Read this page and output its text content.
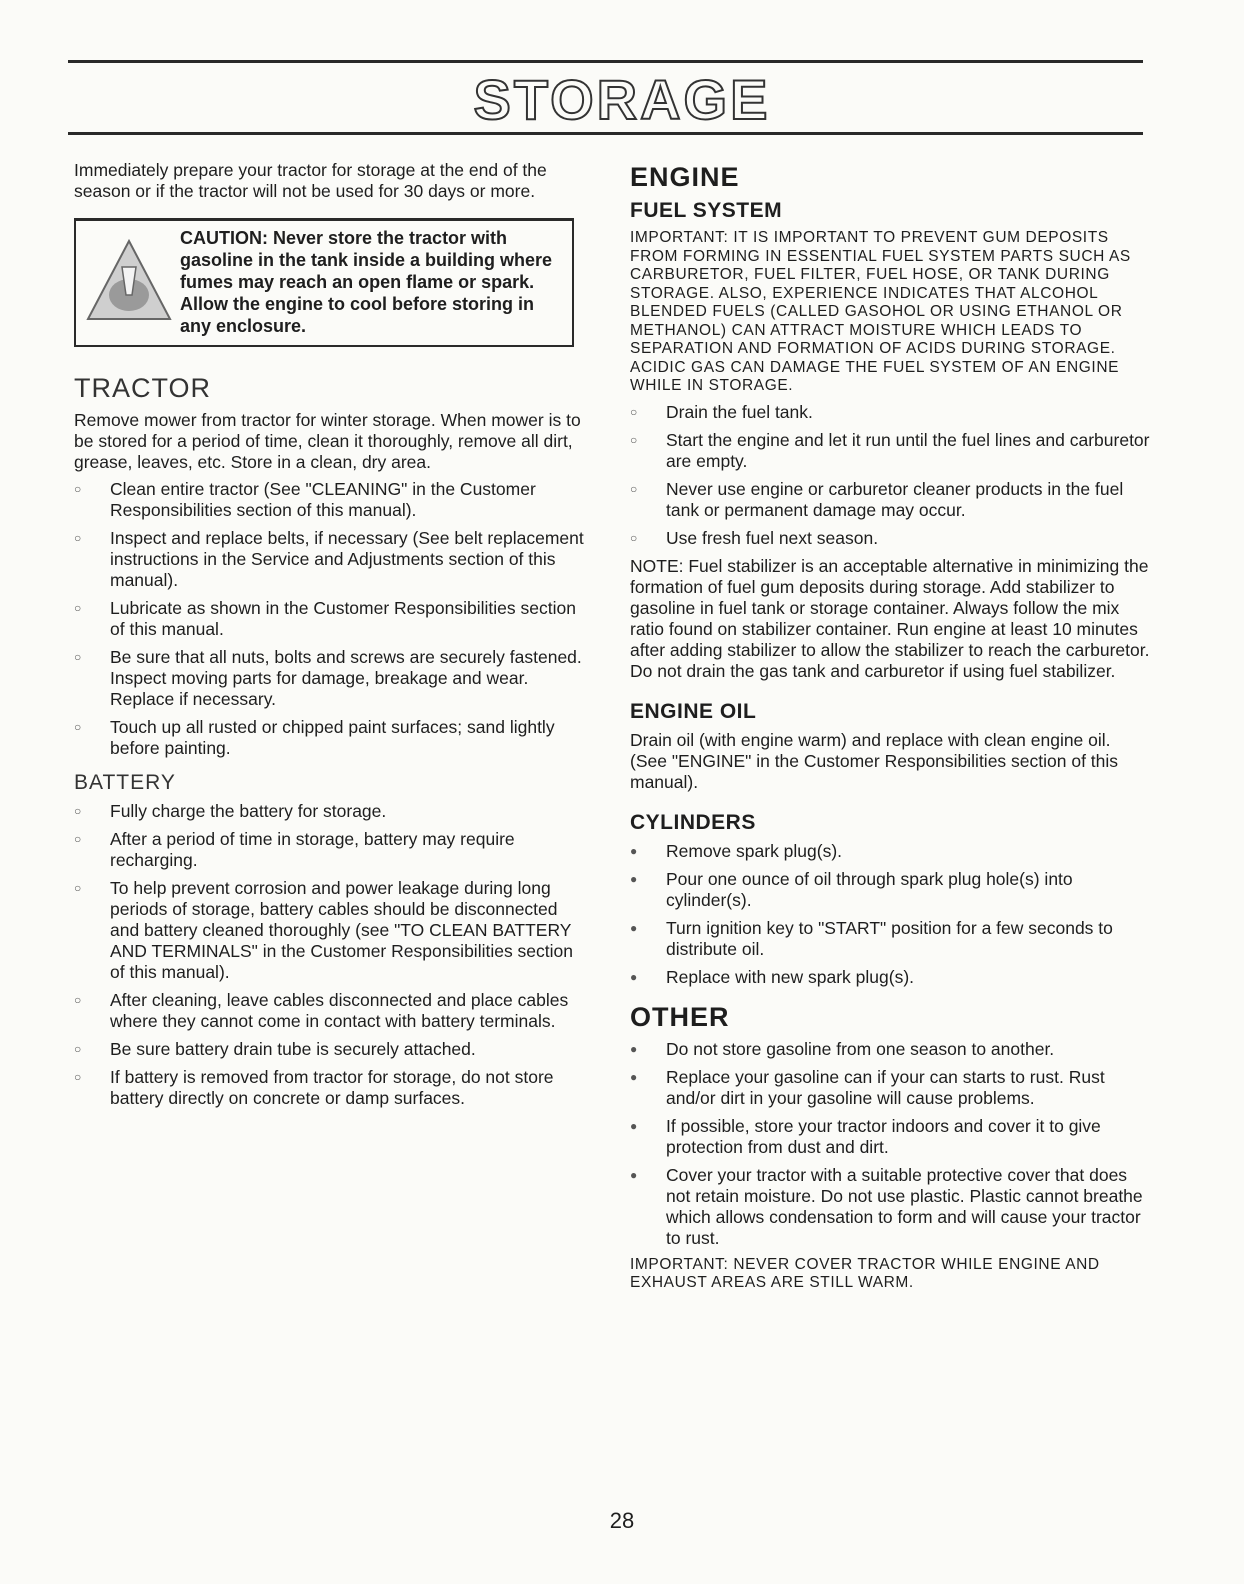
STORAGE

Immediately prepare your tractor for storage at the end of the season or if the tractor will not be used for 30 days or more.

CAUTION: Never store the tractor with gasoline in the tank inside a building where fumes may reach an open flame or spark. Allow the engine to cool before storing in any enclosure.
TRACTOR

Remove mower from tractor for winter storage. When mower is to be stored for a period of time, clean it thoroughly, remove all dirt, grease, leaves, etc. Store in a clean, dry area.

○ Clean entire tractor (See "CLEANING" in the Customer Responsibilities section of this manual).
○ Inspect and replace belts, if necessary (See belt replacement instructions in the Service and Adjustments section of this manual).
○ Lubricate as shown in the Customer Responsibilities section of this manual.
○ Be sure that all nuts, bolts and screws are securely fastened. Inspect moving parts for damage, breakage and wear. Replace if necessary.
○ Touch up all rusted or chipped paint surfaces; sand lightly before painting.
BATTERY
○ Fully charge the battery for storage.
○ After a period of time in storage, battery may require recharging.
○ To help prevent corrosion and power leakage during long periods of storage, battery cables should be disconnected and battery cleaned thoroughly (see "TO CLEAN BATTERY AND TERMINALS" in the Customer Responsibilities section of this manual).
○ After cleaning, leave cables disconnected and place cables where they cannot come in contact with battery terminals.
○ Be sure battery drain tube is securely attached.
○ If battery is removed from tractor for storage, do not store battery directly on concrete or damp surfaces.
ENGINE
FUEL SYSTEM

IMPORTANT: IT IS IMPORTANT TO PREVENT GUM DEPOSITS FROM FORMING IN ESSENTIAL FUEL SYSTEM PARTS SUCH AS CARBURETOR, FUEL FILTER, FUEL HOSE, OR TANK DURING STORAGE. ALSO, EXPERIENCE INDICATES THAT ALCOHOL BLENDED FUELS (CALLED GASOHOL OR USING ETHANOL OR METHANOL) CAN ATTRACT MOISTURE WHICH LEADS TO SEPARATION AND FORMATION OF ACIDS DURING STORAGE. ACIDIC GAS CAN DAMAGE THE FUEL SYSTEM OF AN ENGINE WHILE IN STORAGE.

○ Drain the fuel tank.
○ Start the engine and let it run until the fuel lines and carburetor are empty.
○ Never use engine or carburetor cleaner products in the fuel tank or permanent damage may occur.
○ Use fresh fuel next season.

NOTE: Fuel stabilizer is an acceptable alternative in minimizing the formation of fuel gum deposits during storage. Add stabilizer to gasoline in fuel tank or storage container. Always follow the mix ratio found on stabilizer container. Run engine at least 10 minutes after adding stabilizer to allow the stabilizer to reach the carburetor. Do not drain the gas tank and carburetor if using fuel stabilizer.

ENGINE OIL

Drain oil (with engine warm) and replace with clean engine oil. (See "ENGINE" in the Customer Responsibilities section of this manual).

CYLINDERS
● Remove spark plug(s).
● Pour one ounce of oil through spark plug hole(s) into cylinder(s).
● Turn ignition key to "START" position for a few seconds to distribute oil.
● Replace with new spark plug(s).
OTHER
● Do not store gasoline from one season to another.
● Replace your gasoline can if your can starts to rust. Rust and/or dirt in your gasoline will cause problems.
● If possible, store your tractor indoors and cover it to give protection from dust and dirt.
● Cover your tractor with a suitable protective cover that does not retain moisture. Do not use plastic. Plastic cannot breathe which allows condensation to form and will cause your tractor to rust.

IMPORTANT: NEVER COVER TRACTOR WHILE ENGINE AND EXHAUST AREAS ARE STILL WARM.

28
